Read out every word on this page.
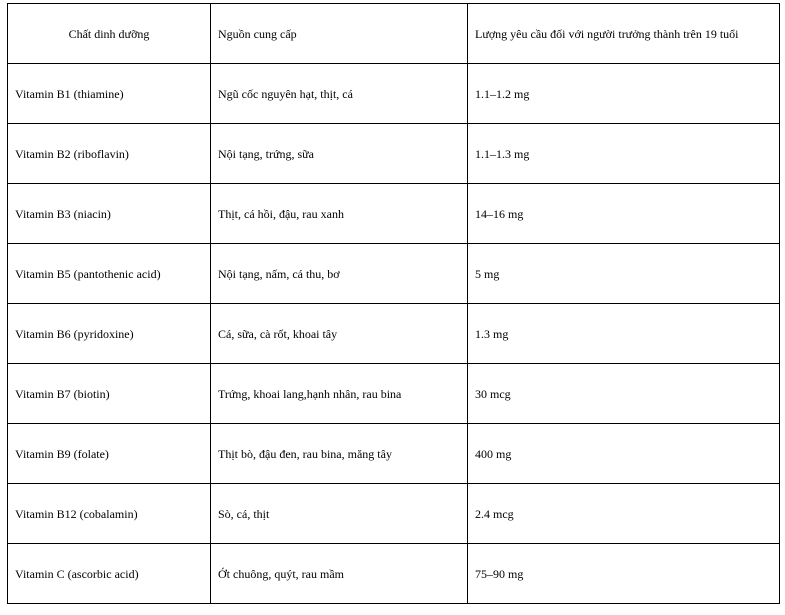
Chất dinh dưỡng	Nguồn cung cấp	Lượng yêu cầu đối với người trưởng thành trên 19 tuổi
Vitamin B1 (thiamine)	Ngũ cốc nguyên hạt, thịt, cá	1.1–1.2 mg
Vitamin B2 (riboflavin)	Nội tạng, trứng, sữa	1.1–1.3 mg
Vitamin B3 (niacin)	Thịt, cá hồi, đậu, rau xanh	14–16 mg
Vitamin B5 (pantothenic acid)	Nội tạng, nấm, cá thu, bơ	5 mg
Vitamin B6 (pyridoxine)	Cá, sữa, cà rốt, khoai tây	1.3 mg
Vitamin B7 (biotin)	Trứng, khoai lang,hạnh nhân, rau bina	30 mcg
Vitamin B9 (folate)	Thịt bò, đậu đen, rau bina, măng tây	400 mg
Vitamin B12 (cobalamin)	Sò, cá, thịt	2.4 mcg
Vitamin C (ascorbic acid)	Ớt chuông, quýt, rau mầm	75–90 mg
